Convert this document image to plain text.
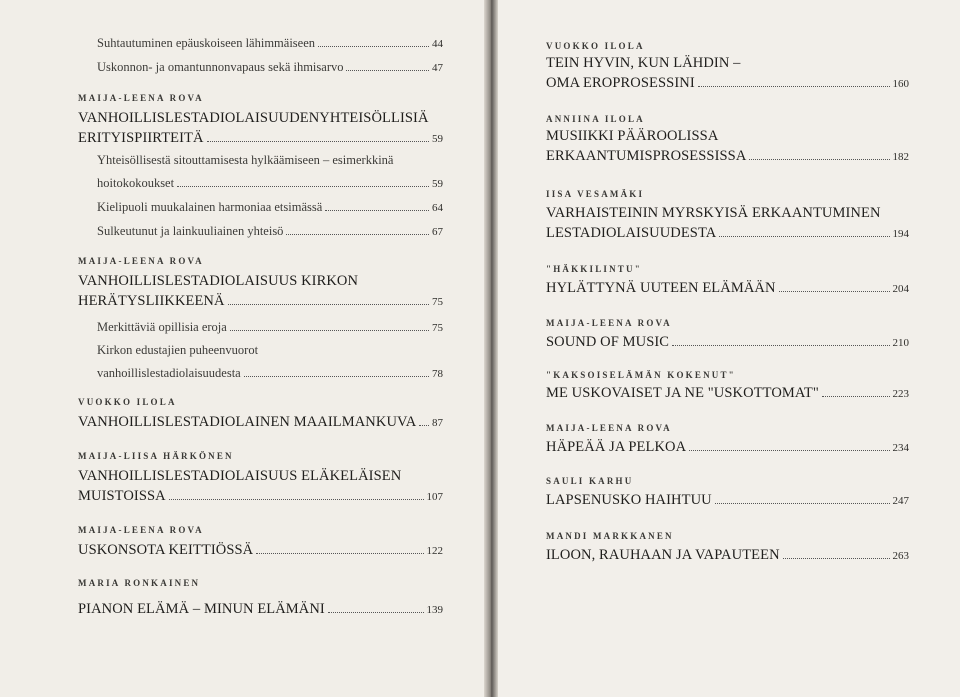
Suhtautuminen epäuskoiseen lähimmäiseen	44
Uskonnon- ja omantunnonvapaus sekä ihmisarvo	47
MAIJA-LEENA ROVA
VANHOILLISLESTADIOLAISUUDENYHTEISÖLLISIÄ
ERITYISPIIRTEITÄ	59
Yhteisöllisestä sitouttamisesta hylkäämiseen – esimerkkinä
hoitokokoukset	59
Kielipuoli muukalainen harmoniaa etsimässä	64
Sulkeutunut ja lainkuuliainen yhteisö	67
MAIJA-LEENA ROVA
VANHOILLISLESTADIOLAISUUS KIRKON
HERÄTYSLIIKKEENÄ	75
Merkittäviä opillisia eroja	75
Kirkon edustajien puheenvuorot
vanhoillislestadiolaisuudesta	78
VUOKKO ILOLA
VANHOILLISLESTADIOLAINEN MAAILMANKUVA 87
MAIJA-LIISA HÄRKÖNEN
VANHOILLISLESTADIOLAISUUS ELÄKELÄISEN
MUISTOISSA	107
MAIJA-LEENA ROVA
USKONSOTA KEITTIÖSSÄ	122
MARIA RONKAINEN
PIANON ELÄMÄ – MINUN ELÄMÄNI	139
VUOKKO ILOLA
TEIN HYVIN, KUN LÄHDIN –
OMA EROPROSESSINI	160
ANNIINA ILOLA
MUSIIKKI PÄÄROOLISSA
ERKAANTUMISPROSESSISSA	182
IISA VESAMÄKI
VARHAISTEININ MYRSKYISÄ ERKAANTUMINEN
LESTADIOLAISUUDESTA	194
"HÄKKILINTU"
HYLÄTTYNÄ UUTEEN ELÄMÄÄN	204
MAIJA-LEENA ROVA
SOUND OF MUSIC	210
"KAKSOISELÄMÄN KOKENUT"
ME USKOVAISET JA NE "USKOTTOMAT"	223
MAIJA-LEENA ROVA
HÄPEÄÄ JA PELKOA	234
SAULI KARHU
LAPSENUSKO HAIHTUU	247
MANDI MARKKANEN
ILOON, RAUHAAN JA VAPAUTEEN	263
